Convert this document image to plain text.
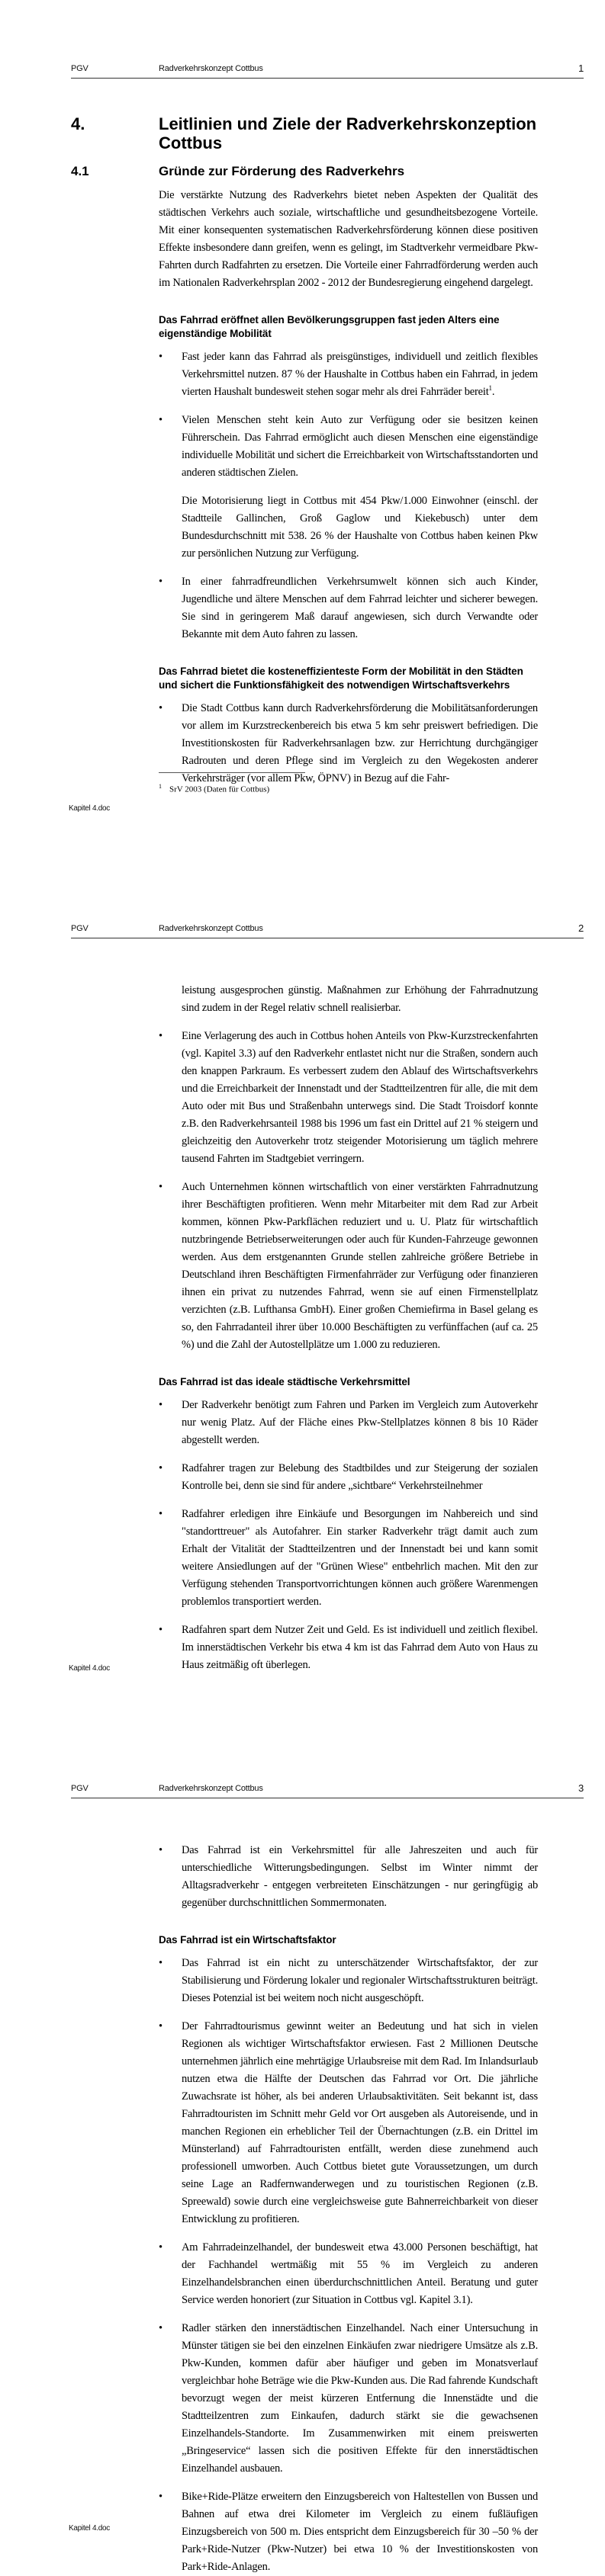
PGV	Radverkehrskonzept Cottbus	1
4.	Leitlinien und Ziele der Radverkehrskonzeption Cottbus
4.1	Gründe zur Förderung des Radverkehrs

Die verstärkte Nutzung des Radverkehrs bietet neben Aspekten der Qualität des städtischen Verkehrs auch soziale, wirtschaftliche und gesundheitsbezogene Vorteile. Mit einer konsequenten systematischen Radverkehrsförderung können diese positiven Effekte insbesondere dann greifen, wenn es gelingt, im Stadtverkehr vermeidbare Pkw-Fahrten durch Radfahrten zu ersetzen. Die Vorteile einer Fahrradförderung werden auch im Nationalen Radverkehrsplan 2002 - 2012 der Bundesregierung eingehend dargelegt.

Das Fahrrad eröffnet allen Bevölkerungsgruppen fast jeden Alters eine eigenständige Mobilität
• Fast jeder kann das Fahrrad als preisgünstiges, individuell und zeitlich flexibles Verkehrsmittel nutzen. 87 % der Haushalte in Cottbus haben ein Fahrrad, in jedem vierten Haushalt bundesweit stehen sogar mehr als drei Fahrräder bereit$^1$.
• Vielen Menschen steht kein Auto zur Verfügung oder sie besitzen keinen Führerschein. Das Fahrrad ermöglicht auch diesen Menschen eine eigenständige individuelle Mobilität und sichert die Erreichbarkeit von Wirtschaftsstandorten und anderen städtischen Zielen.
Die Motorisierung liegt in Cottbus mit 454 Pkw/1.000 Einwohner (einschl. der Stadtteile Gallinchen, Groß Gaglow und Kiekebusch) unter dem Bundesdurchschnitt mit 538. 26 % der Haushalte von Cottbus haben keinen Pkw zur persönlichen Nutzung zur Verfügung.
• In einer fahrradfreundlichen Verkehrsumwelt können sich auch Kinder, Jugendliche und ältere Menschen auf dem Fahrrad leichter und sicherer bewegen. Sie sind in geringerem Maß darauf angewiesen, sich durch Verwandte oder Bekannte mit dem Auto fahren zu lassen.
Das Fahrrad bietet die kosteneffizienteste Form der Mobilität in den Städten und sichert die Funktionsfähigkeit des notwendigen Wirtschaftsverkehrs
• Die Stadt Cottbus kann durch Radverkehrsförderung die Mobilitätsanforderungen vor allem im Kurzstreckenbereich bis etwa 5 km sehr preiswert befriedigen. Die Investitionskosten für Radverkehrsanlagen bzw. zur Herrichtung durchgängiger Radrouten und deren Pflege sind im Vergleich zu den Wegekosten anderer Verkehrsträger (vor allem Pkw, ÖPNV) in Bezug auf die Fahr-
$^1$ SrV 2003 (Daten für Cottbus)
Kapitel 4.doc
PGV	Radverkehrskonzept Cottbus	2
leistung ausgesprochen günstig. Maßnahmen zur Erhöhung der Fahrradnutzung sind zudem in der Regel relativ schnell realisierbar.
• Eine Verlagerung des auch in Cottbus hohen Anteils von Pkw-Kurzstreckenfahrten (vgl. Kapitel 3.3) auf den Radverkehr entlastet nicht nur die Straßen, sondern auch den knappen Parkraum. Es verbessert zudem den Ablauf des Wirtschaftsverkehrs und die Erreichbarkeit der Innenstadt und der Stadtteilzentren für alle, die mit dem Auto oder mit Bus und Straßenbahn unterwegs sind. Die Stadt Troisdorf konnte z.B. den Radverkehrsanteil 1988 bis 1996 um fast ein Drittel auf 21 % steigern und gleichzeitig den Autoverkehr trotz steigender Motorisierung um täglich mehrere tausend Fahrten im Stadtgebiet verringern.
• Auch Unternehmen können wirtschaftlich von einer verstärkten Fahrradnutzung ihrer Beschäftigten profitieren. Wenn mehr Mitarbeiter mit dem Rad zur Arbeit kommen, können Pkw-Parkflächen reduziert und u. U. Platz für wirtschaftlich nutzbringende Betriebserweiterungen oder auch für Kunden-Fahrzeuge gewonnen werden. Aus dem erstgenannten Grunde stellen zahlreiche größere Betriebe in Deutschland ihren Beschäftigten Firmenfahrräder zur Verfügung oder finanzieren ihnen ein privat zu nutzendes Fahrrad, wenn sie auf einen Firmenstellplatz verzichten (z.B. Lufthansa GmbH). Einer großen Chemiefirma in Basel gelang es so, den Fahrradanteil ihrer über 10.000 Beschäftigten zu verfünffachen (auf ca. 25 %) und die Zahl der Autostellplätze um 1.000 zu reduzieren.
Das Fahrrad ist das ideale städtische Verkehrsmittel
• Der Radverkehr benötigt zum Fahren und Parken im Vergleich zum Autoverkehr nur wenig Platz. Auf der Fläche eines Pkw-Stellplatzes können 8 bis 10 Räder abgestellt werden.
• Radfahrer tragen zur Belebung des Stadtbildes und zur Steigerung der sozialen Kontrolle bei, denn sie sind für andere „sichtbare“ Verkehrsteilnehmer
• Radfahrer erledigen ihre Einkäufe und Besorgungen im Nahbereich und sind "standorttreuer" als Autofahrer. Ein starker Radverkehr trägt damit auch zum Erhalt der Vitalität der Stadtteilzentren und der Innenstadt bei und kann somit weitere Ansiedlungen auf der "Grünen Wiese" entbehrlich machen. Mit den zur Verfügung stehenden Transportvorrichtungen können auch größere Warenmengen problemlos transportiert werden.
• Radfahren spart dem Nutzer Zeit und Geld. Es ist individuell und zeitlich flexibel. Im innerstädtischen Verkehr bis etwa 4 km ist das Fahrrad dem Auto von Haus zu Haus zeitmäßig oft überlegen.
Kapitel 4.doc
PGV	Radverkehrskonzept Cottbus	3
• Das Fahrrad ist ein Verkehrsmittel für alle Jahreszeiten und auch für unterschiedliche Witterungsbedingungen. Selbst im Winter nimmt der Alltagsradverkehr - entgegen verbreiteten Einschätzungen - nur geringfügig ab gegenüber durchschnittlichen Sommermonaten.
Das Fahrrad ist ein Wirtschaftsfaktor
• Das Fahrrad ist ein nicht zu unterschätzender Wirtschaftsfaktor, der zur Stabilisierung und Förderung lokaler und regionaler Wirtschaftsstrukturen beiträgt. Dieses Potenzial ist bei weitem noch nicht ausgeschöpft.
• Der Fahrradtourismus gewinnt weiter an Bedeutung und hat sich in vielen Regionen als wichtiger Wirtschaftsfaktor erwiesen. Fast 2 Millionen Deutsche unternehmen jährlich eine mehrtägige Urlaubsreise mit dem Rad. Im Inlandsurlaub nutzen etwa die Hälfte der Deutschen das Fahrrad vor Ort. Die jährliche Zuwachsrate ist höher, als bei anderen Urlaubsaktivitäten. Seit bekannt ist, dass Fahrradtouristen im Schnitt mehr Geld vor Ort ausgeben als Autoreisende, und in manchen Regionen ein erheblicher Teil der Übernachtungen (z.B. ein Drittel im Münsterland) auf Fahrradtouristen entfällt, werden diese zunehmend auch professionell umworben. Auch Cottbus bietet gute Voraussetzungen, um durch seine Lage an Radfernwanderwegen und zu touristischen Regionen (z.B. Spreewald) sowie durch eine vergleichsweise gute Bahnerreichbarkeit von dieser Entwicklung zu profitieren.
• Am Fahrradeinzelhandel, der bundesweit etwa 43.000 Personen beschäftigt, hat der Fachhandel wertmäßig mit 55 % im Vergleich zu anderen Einzelhandelsbranchen einen überdurchschnittlichen Anteil. Beratung und guter Service werden honoriert (zur Situation in Cottbus vgl. Kapitel 3.1).
• Radler stärken den innerstädtischen Einzelhandel. Nach einer Untersuchung in Münster tätigen sie bei den einzelnen Einkäufen zwar niedrigere Umsätze als z.B. Pkw-Kunden, kommen dafür aber häufiger und geben im Monatsverlauf vergleichbar hohe Beträge wie die Pkw-Kunden aus. Die Rad fahrende Kundschaft bevorzugt wegen der meist kürzeren Entfernung die Innenstädte und die Stadtteilzentren zum Einkaufen, dadurch stärkt sie die gewachsenen Einzelhandels-Standorte. Im Zusammenwirken mit einem preiswerten „Bringeservice“ lassen sich die positiven Effekte für den innerstädtischen Einzelhandel ausbauen.
• Bike+Ride-Plätze erweitern den Einzugsbereich von Haltestellen von Bussen und Bahnen auf etwa drei Kilometer im Vergleich zu einem fußläufigen Einzugsbereich von 500 m. Dies entspricht dem Einzugsbereich für 30 –50 % der Park+Ride-Nutzer (Pkw-Nutzer) bei etwa 10 % der Investitionskosten von Park+Ride-Anlagen.
Kapitel 4.doc
